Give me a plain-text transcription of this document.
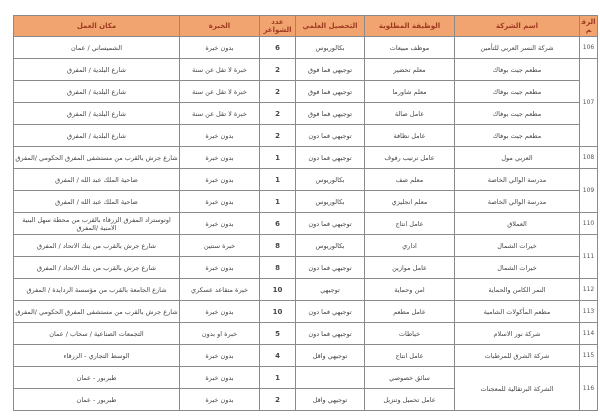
الرقم	اسم الشركة	الوظيفة المطلوبة	التحصيل العلمي	عدد الشواغر	الخبرة	مكان العمل
106	شركة النسر العربي للتأمين	موظف مبيعات	بكالوريوس	6	بدون خبرة	الشميساني / عمان
107	مطعم جيت بوفاك	معلم تحضير	توجيهي فما فوق	2	خبرة لا تقل عن سنة	شارع البلدية / المفرق
	مطعم جيت بوفاك	معلم شاورما	توجيهي فما فوق	2	خبرة لا تقل عن سنة	شارع البلدية / المفرق
	مطعم جيت بوفاك	عامل صالة	توجيهي فما فوق	2	خبرة لا تقل عن سنة	شارع البلدية / المفرق
	مطعم جيت بوفاك	عامل نظافة	توجيهي فما دون	2	بدون خبرة	شارع البلدية / المفرق
108	العربي مول	عامل ترتيب رفوف	توجيهي فما دون	1	بدون خبرة	شارع جرش بالقرب من مستشفى المفرق الحكومي /المفرق
109	مدرسة الوالي الخاصة	معلم صف	بكالوريوس	1	بدون خبرة	ضاحية الملك عبد الله / المفرق
	مدرسة الوالي الخاصة	معلم انجليزي	بكالوريوس	1	بدون خبرة	ضاحية الملك عبد الله / المفرق
110	العملاق	عامل انتاج	توجيهي فما دون	6	بدون خبرة	اوتوستراد المفرق الزرقاء بالقرب من محطة سهل البنية الامنية /المفرق
111	خيرات الشمال	اداري	بكالوريوس	8	خبرة سنتين	شارع جرش بالقرب من بنك الاتحاد / المفرق
	خيرات الشمال	عامل موازين	توجيهي فما دون	8	بدون خبرة	شارع جرش بالقرب من بنك الاتحاد / المفرق
112	النمر الكامن والحماية	امن وحماية	توجيهي	10	خبرة متقاعد عسكري	شارع الجامعة بالقرب من مؤسسة الردايدة / المفرق
113	مطعم المأكولات الشامية	عامل مطعم	توجيهي فما دون	10	بدون خبرة	شارع جرش بالقرب من مستشفى المفرق الحكومي /المفرق
114	شركة نور الاسلام	خياطات	توجيهي فما دون	5	خبرة او بدون	التجمعات الصناعية / سحاب / عمان
115	شركة الشرق للمرطبات	عامل انتاج	توجيهي واقل	4	بدون خبرة	الوسط التجاري - الزرقاء
116	الشركة البرتقالية للمعجنات	سائق خصوصي		1	بدون خبرة	طبربور - عمان
		عامل تحميل وتنزيل	توجيهي واقل	2	بدون خبرة	طبربور - عمان
